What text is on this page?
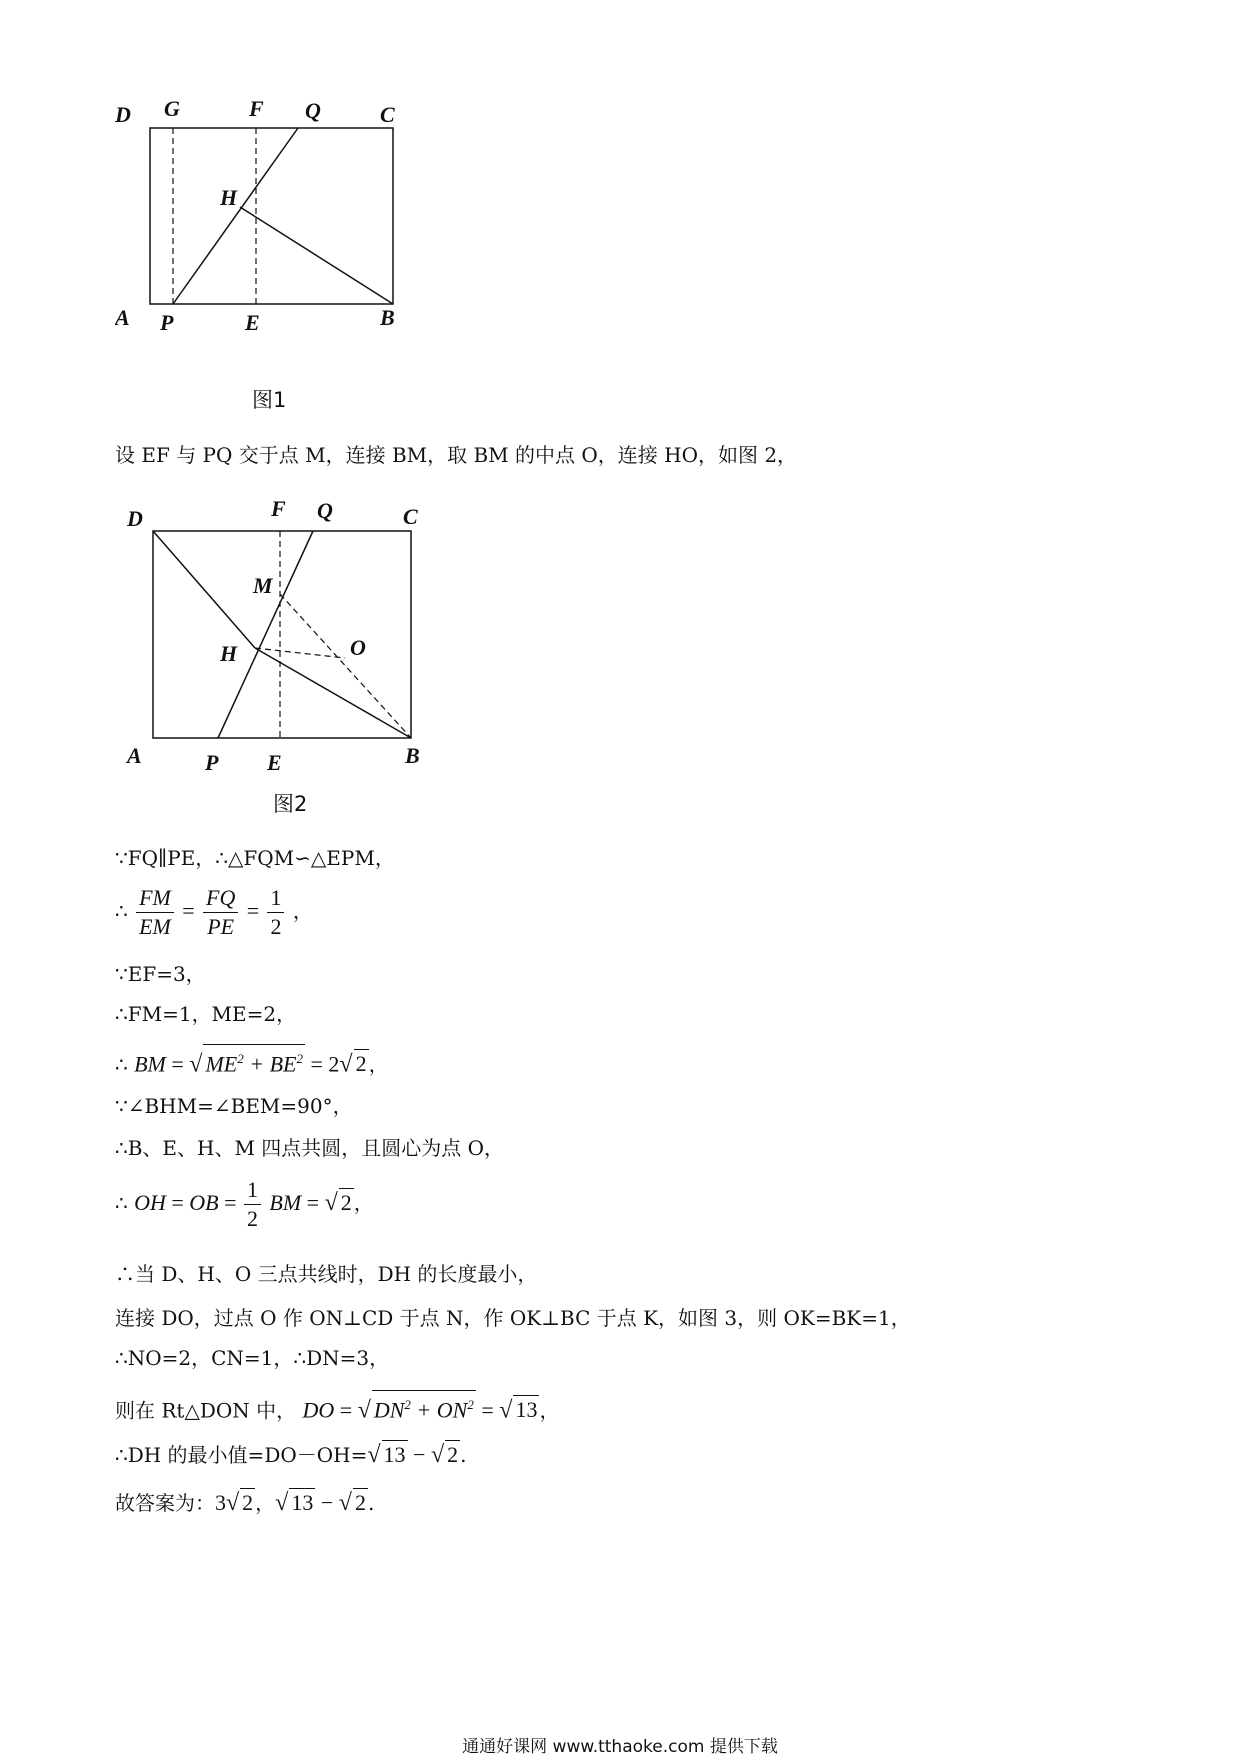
D G	F Q	C
H
A P	E	B
图1
设 EF 与 PQ 交于点 M，连接 BM，取 BM 的中点 O，连接 HO，如图 2，
D	F Q	C
M
O
H
A	P E	B
图2
∵FQ∥PE，∴△FQM∽△EPM，
∴ $\frac{FM}{EM} = \frac{FQ}{PE} = \frac{1}{2}$ ，
∵EF=3，
∴FM=1，ME=2，
∴ BM = √ $ME^2 + BE^2 = 2√$ 2 ，
∵∠BHM=∠BEM=90°，
∴B、E、H、M 四点共圆，且圆心为点 O，
∴ OH = OB = $\frac{1}{2}$ BM = √ 2 ，
∴当 D、H、O 三点共线时，DH 的长度最小，
连接 DO，过点 O 作 ON⊥CD 于点 N，作 OK⊥BC 于点 K，如图 3，则 OK=BK=1，
∴NO=2，CN=1，∴DN=3，
则在 Rt△DON 中， DO = √ $DN^2 + ON^2$ = √ 13 ，
∴DH 的最小值=DO－OH=√ 13 − √ 2 .
故答案为：3√ 2 ，√ 13 − √ 2 .
通通好课网 www.tthaoke.com 提供下载
